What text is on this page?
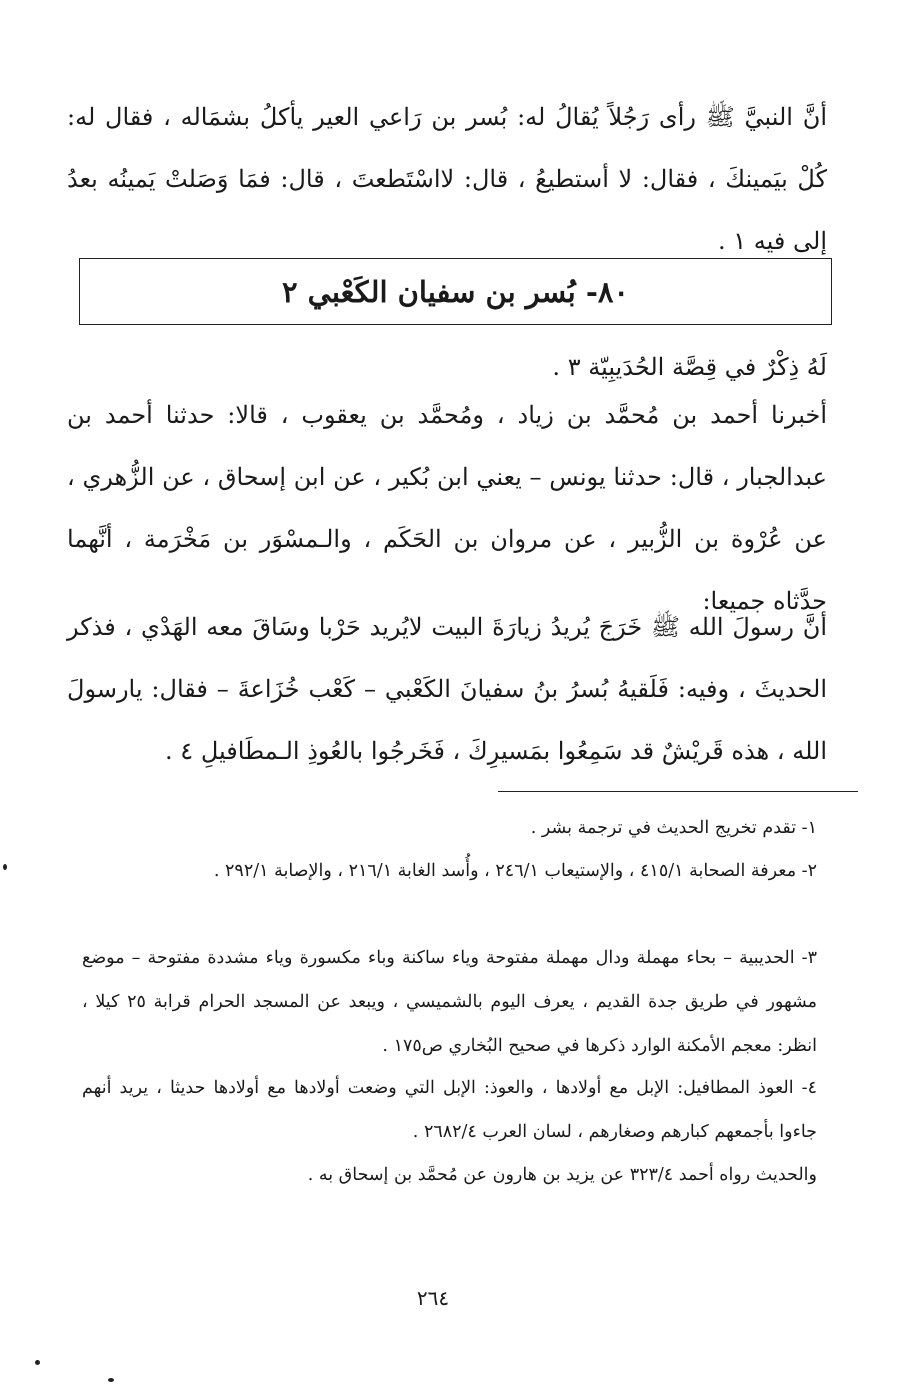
أنَّ النبيَّ ﷺ رأى رَجُلاً يُقالُ له: بُسر بن رَاعي العير يأكلُ بشمَاله ، فقال له: كُلْ بيَمينكَ ، فقال: لا أستطيعُ ، قال: لااسْتَطعتَ ، قال: فمَا وَصَلتْ يَمينُه بعدُ إلى فيه ١ .
٨٠- بُسر بن سفيان الكَعْبي ٢
لَهُ ذِكْرٌ في قِصَّة الحُدَيبِيّة ٣ .
أخبرنا أحمد بن مُحمَّد بن زياد ، ومُحمَّد بن يعقوب ، قالا: حدثنا أحمد بن عبدالجبار ، قال: حدثنا يونس – يعني ابن بُكير ، عن ابن إسحاق ، عن الزُّهري ، عن عُرْوة بن الزُّبير ، عن مروان بن الحَكَم ، والـمسْوَر بن مَخْرَمة ، أنَّهما حدَّثاه جميعا:
أنَّ رسولَ الله ﷺ خَرَجَ يُريدُ زيارَةَ البيت لايُريد حَرْبا وسَاقَ معه الهَدْي ، فذكر الحديثَ ، وفيه: فَلَقيهُ بُسرُ بنُ سفيانَ الكَعْبي – كَعْب خُزَاعةَ – فقال: يارسولَ الله ، هذه قَريْشٌ قد سَمِعُوا بمَسيرِكَ ، فَخَرجُوا بالعُوذِ الـمطَافيلِ ٤ .
١- تقدم تخريج الحديث في ترجمة بشر .
٢- معرفة الصحابة ٤١٥/١ ، والإستيعاب ٢٤٦/١ ، وأُسد الغابة ٢١٦/١ ، والإصابة ٢٩٢/١ .
٣- الحديبية – بحاء مهملة ودال مهملة مفتوحة وياء ساكنة وباء مكسورة وياء مشددة مفتوحة – موضع مشهور في طريق جدة القديم ، يعرف اليوم بالشميسي ، ويبعد عن المسجد الحرام قرابة ٢٥ كيلا ، انظر: معجم الأمكنة الوارد ذكرها في صحيح البُخاري ص١٧٥ .
٤- العوذ المطافيل: الإبل مع أولادها ، والعوذ: الإبل التي وضعت أولادها مع أولادها حديثا ، يريد أنهم جاءوا بأجمعهم كبارهم وصغارهم ، لسان العرب ٢٦٨٢/٤ .
والحديث رواه أحمد ٣٢٣/٤ عن يزيد بن هارون عن مُحمَّد بن إسحاق به .
٢٦٤
